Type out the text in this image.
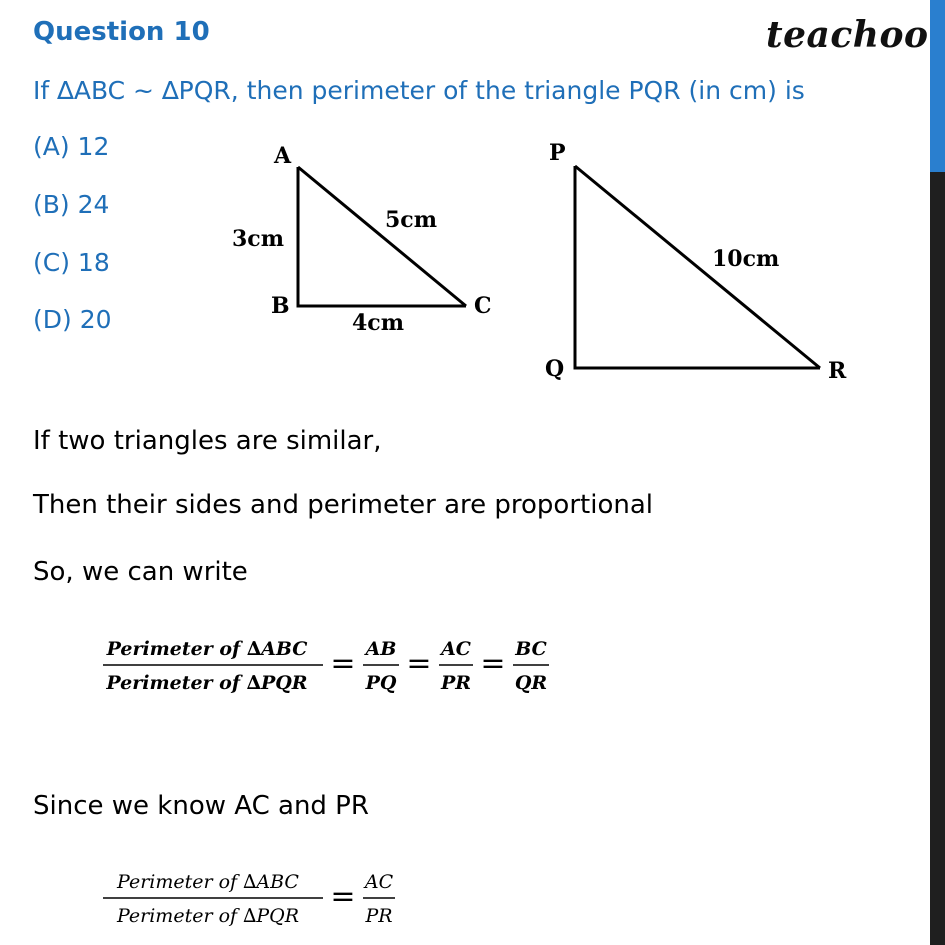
Question 10	teachoo
If ∆ABC ~ ∆PQR, then perimeter of the triangle PQR (in cm) is
(A) 12
(B) 24
(C) 18
(D) 20
A
B	C
3cm
5cm
4cm
P
Q	R
10cm
If two triangles are similar,
Then their sides and perimeter are proportional
So, we can write
Perimeter of ∆ABC
Perimeter of ∆PQR
= AB
PQ
= AC
PR
= BC
QR
Since we know AC and PR
Perimeter of ∆ABC
Perimeter of ∆PQR
= AC
PR
